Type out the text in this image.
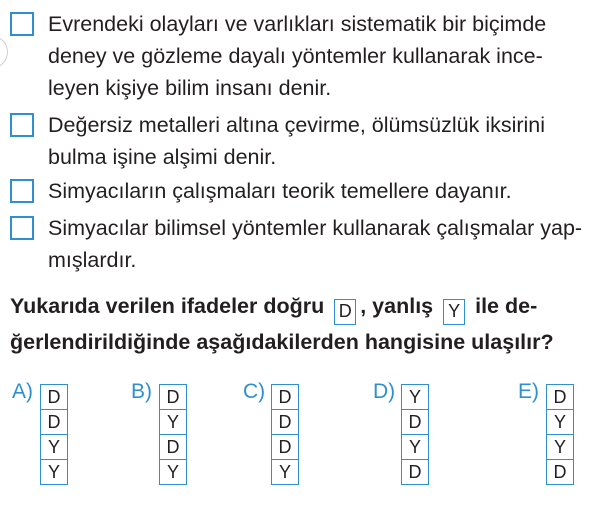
Evrendeki olayları ve varlıkları sistematik bir biçimde
deney ve gözleme dayalı yöntemler kullanarak ince-
leyen kişiye bilim insanı denir.
Değersiz metalleri altına çevirme, ölümsüzlük iksirini
bulma işine alşimi denir.
Simyacıların çalışmaları teorik temellere dayanır.
Simyacılar bilimsel yöntemler kullanarak çalışmalar yap-
mışlardır.
Yukarıda verilen ifadeler doğru D , yanlış Y ile de-
ğerlendirildiğinde aşağıdakilerden hangisine ulaşılır?
A) D
D
Y
Y
B) D
Y
D
Y
C) D
D
D
Y
D) Y
D
Y
D
E) D
Y
Y
D
